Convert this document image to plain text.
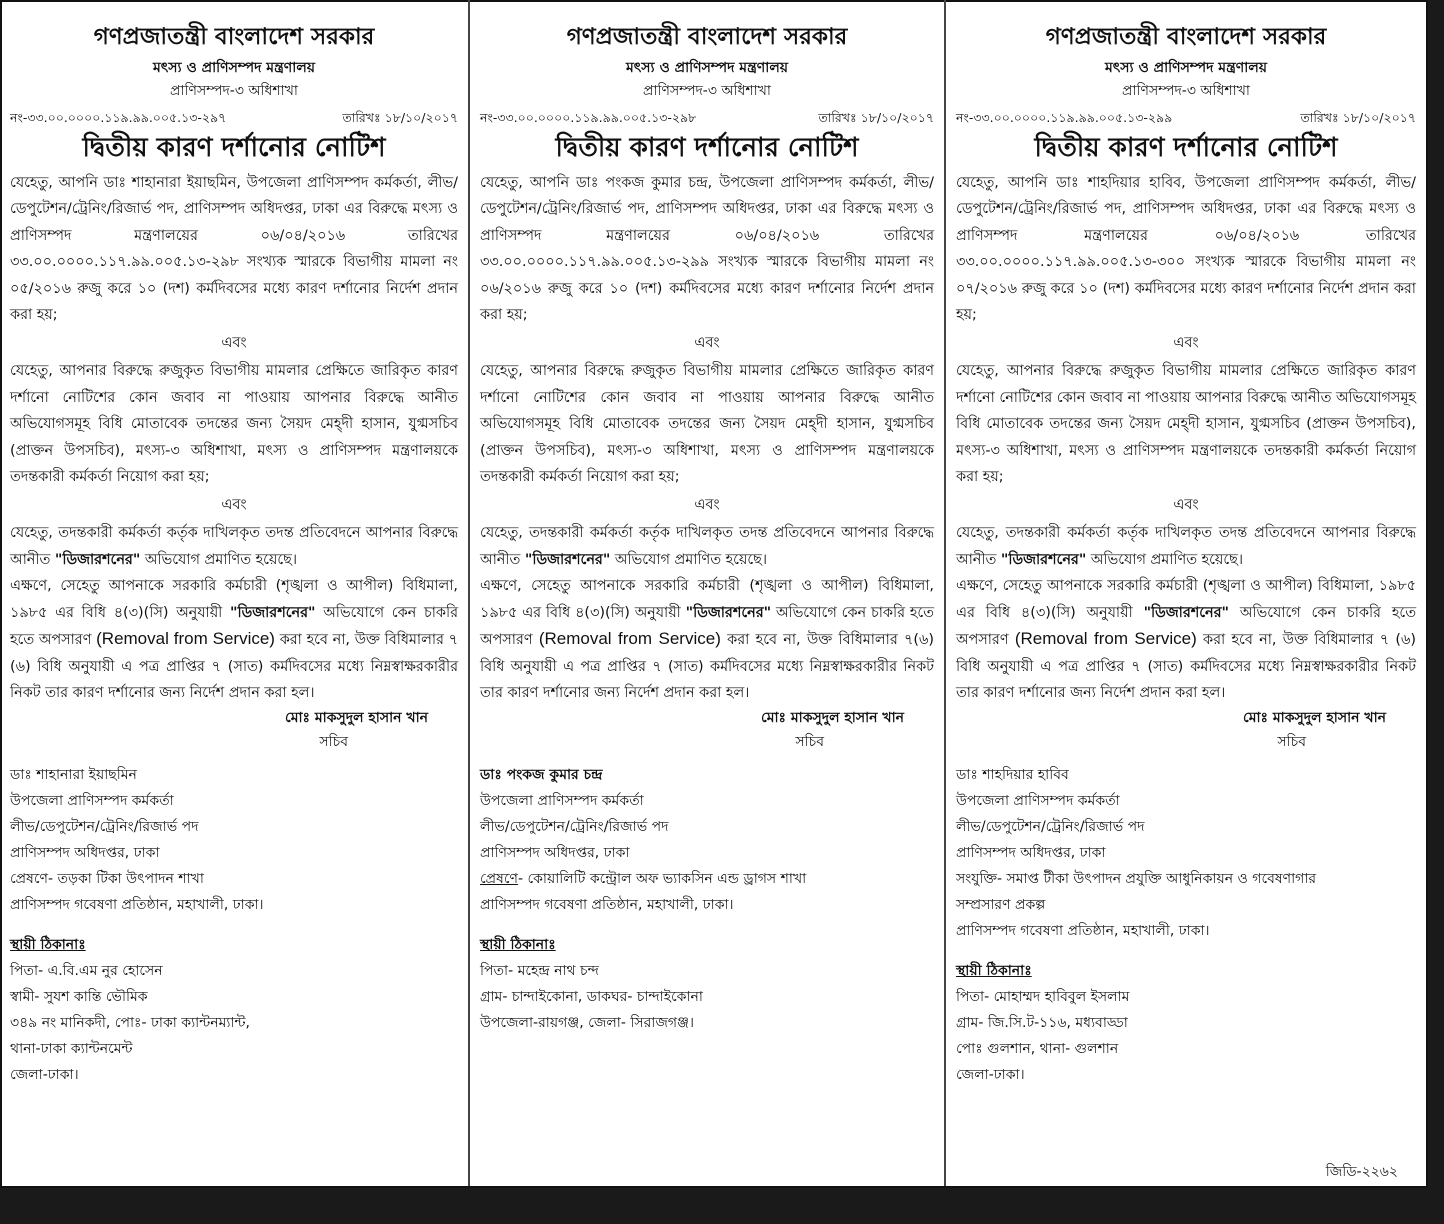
গণপ্রজাতন্ত্রী বাংলাদেশ সরকার
মৎস্য ও প্রাণিসম্পদ মন্ত্রণালয়
প্রাণিসম্পদ-৩ অধিশাখা
নং-৩৩.০০.০০০০.১১৯.৯৯.০০৫.১৩-২৯৭	তারিখঃ ১৮/১০/২০১৭
দ্বিতীয় কারণ দর্শানোর নোটিশ

যেহেতু, আপনি ডাঃ শাহানারা ইয়াছমিন, উপজেলা প্রাণিসম্পদ কর্মকর্তা, লীভ/ডেপুটেশন/ট্রেনিং/রিজার্ভ পদ, প্রাণিসম্পদ অধিদপ্তর, ঢাকা এর বিরুদ্ধে মৎস্য ও প্রাণিসম্পদ মন্ত্রণালয়ের ০৬/০৪/২০১৬ তারিখের ৩৩.০০.০০০০.১১৭.৯৯.০০৫.১৩-২৯৮ সংখ্যক স্মারকে বিভাগীয় মামলা নং ০৫/২০১৬ রুজু করে ১০ (দশ) কর্মদিবসের মধ্যে কারণ দর্শানোর নির্দেশ প্রদান করা হয়;

এবং

যেহেতু, আপনার বিরুদ্ধে রুজুকৃত বিভাগীয় মামলার প্রেক্ষিতে জারিকৃত কারণ দর্শানো নোটিশের কোন জবাব না পাওয়ায় আপনার বিরুদ্ধে আনীত অভিযোগসমূহ বিধি মোতাবেক তদন্তের জন্য সৈয়দ মেহ্দী হাসান, যুগ্মসচিব (প্রাক্তন উপসচিব), মৎস্য-৩ অধিশাখা, মৎস্য ও প্রাণিসম্পদ মন্ত্রণালয়কে তদন্তকারী কর্মকর্তা নিয়োগ করা হয়;

এবং

যেহেতু, তদন্তকারী কর্মকর্তা কর্তৃক দাখিলকৃত তদন্ত প্রতিবেদনে আপনার বিরুদ্ধে আনীত "ডিজারশনের" অভিযোগ প্রমাণিত হয়েছে।

এক্ষণে, সেহেতু আপনাকে সরকারি কর্মচারী (শৃঙ্খলা ও আপীল) বিধিমালা, ১৯৮৫ এর বিধি ৪(৩)(সি) অনুযায়ী "ডিজারশনের" অভিযোগে কেন চাকরি হতে অপসারণ (Removal from Service) করা হবে না, উক্ত বিধিমালার ৭ (৬) বিধি অনুযায়ী এ পত্র প্রাপ্তির ৭ (সাত) কর্মদিবসের মধ্যে নিম্নস্বাক্ষরকারীর নিকট তার কারণ দর্শানোর জন্য নির্দেশ প্রদান করা হল।

মোঃ মাকসুদুল হাসান খান
সচিব
ডাঃ শাহানারা ইয়াছমিন
উপজেলা প্রাণিসম্পদ কর্মকর্তা
লীভ/ডেপুটেশন/ট্রেনিং/রিজার্ভ পদ
প্রাণিসম্পদ অধিদপ্তর, ঢাকা
প্রেষণে- তড়কা টিকা উৎপাদন শাখা
প্রাণিসম্পদ গবেষণা প্রতিষ্ঠান, মহাখালী, ঢাকা।
স্থায়ী ঠিকানাঃ
পিতা- এ.বি.এম নুর হোসেন
স্বামী- সুযশ কান্তি ভৌমিক
৩৪৯ নং মানিকদী, পোঃ- ঢাকা ক্যান্টনম্যান্ট,
থানা-ঢাকা ক্যান্টনমেন্ট
জেলা-ঢাকা।
গণপ্রজাতন্ত্রী বাংলাদেশ সরকার
মৎস্য ও প্রাণিসম্পদ মন্ত্রণালয়
প্রাণিসম্পদ-৩ অধিশাখা
নং-৩৩.০০.০০০০.১১৯.৯৯.০০৫.১৩-২৯৮	তারিখঃ ১৮/১০/২০১৭
দ্বিতীয় কারণ দর্শানোর নোটিশ

যেহেতু, আপনি ডাঃ পংকজ কুমার চন্দ্র, উপজেলা প্রাণিসম্পদ কর্মকর্তা, লীভ/ডেপুটেশন/ট্রেনিং/রিজার্ভ পদ, প্রাণিসম্পদ অধিদপ্তর, ঢাকা এর বিরুদ্ধে মৎস্য ও প্রাণিসম্পদ মন্ত্রণালয়ের ০৬/০৪/২০১৬ তারিখের ৩৩.০০.০০০০.১১৭.৯৯.০০৫.১৩-২৯৯ সংখ্যক স্মারকে বিভাগীয় মামলা নং ০৬/২০১৬ রুজু করে ১০ (দশ) কর্মদিবসের মধ্যে কারণ দর্শানোর নির্দেশ প্রদান করা হয়;

এবং

যেহেতু, আপনার বিরুদ্ধে রুজুকৃত বিভাগীয় মামলার প্রেক্ষিতে জারিকৃত কারণ দর্শানো নোটিশের কোন জবাব না পাওয়ায় আপনার বিরুদ্ধে আনীত অভিযোগসমূহ বিধি মোতাবেক তদন্তের জন্য সৈয়দ মেহ্দী হাসান, যুগ্মসচিব (প্রাক্তন উপসচিব), মৎস্য-৩ অধিশাখা, মৎস্য ও প্রাণিসম্পদ মন্ত্রণালয়কে তদন্তকারী কর্মকর্তা নিয়োগ করা হয়;

এবং

যেহেতু, তদন্তকারী কর্মকর্তা কর্তৃক দাখিলকৃত তদন্ত প্রতিবেদনে আপনার বিরুদ্ধে আনীত "ডিজারশনের" অভিযোগ প্রমাণিত হয়েছে।

এক্ষণে, সেহেতু আপনাকে সরকারি কর্মচারী (শৃঙ্খলা ও আপীল) বিধিমালা, ১৯৮৫ এর বিধি ৪(৩)(সি) অনুযায়ী "ডিজারশনের" অভিযোগে কেন চাকরি হতে অপসারণ (Removal from Service) করা হবে না, উক্ত বিধিমালার ৭(৬) বিধি অনুযায়ী এ পত্র প্রাপ্তির ৭ (সাত) কর্মদিবসের মধ্যে নিম্নস্বাক্ষরকারীর নিকট তার কারণ দর্শানোর জন্য নির্দেশ প্রদান করা হল।

মোঃ মাকসুদুল হাসান খান
সচিব
ডাঃ পংকজ কুমার চন্দ্র
উপজেলা প্রাণিসম্পদ কর্মকর্তা
লীভ/ডেপুটেশন/ট্রেনিং/রিজার্ভ পদ
প্রাণিসম্পদ অধিদপ্তর, ঢাকা
প্রেষণে- কোয়ালিটি কন্ট্রোল অফ ভ্যাকসিন এন্ড ড্রাগস শাখা
প্রাণিসম্পদ গবেষণা প্রতিষ্ঠান, মহাখালী, ঢাকা।
স্থায়ী ঠিকানাঃ
পিতা- মহেন্দ্র নাথ চন্দ
গ্রাম- চান্দাইকোনা, ডাকঘর- চান্দাইকোনা
উপজেলা-রায়গঞ্জ, জেলা- সিরাজগঞ্জ।
গণপ্রজাতন্ত্রী বাংলাদেশ সরকার
মৎস্য ও প্রাণিসম্পদ মন্ত্রণালয়
প্রাণিসম্পদ-৩ অধিশাখা
নং-৩৩.০০.০০০০.১১৯.৯৯.০০৫.১৩-২৯৯	তারিখঃ ১৮/১০/২০১৭
দ্বিতীয় কারণ দর্শানোর নোটিশ

যেহেতু, আপনি ডাঃ শাহদিয়ার হাবিব, উপজেলা প্রাণিসম্পদ কর্মকর্তা, লীভ/ডেপুটেশন/ট্রেনিং/রিজার্ভ পদ, প্রাণিসম্পদ অধিদপ্তর, ঢাকা এর বিরুদ্ধে মৎস্য ও প্রাণিসম্পদ মন্ত্রণালয়ের ০৬/০৪/২০১৬ তারিখের ৩৩.০০.০০০০.১১৭.৯৯.০০৫.১৩-৩০০ সংখ্যক স্মারকে বিভাগীয় মামলা নং ০৭/২০১৬ রুজু করে ১০ (দশ) কর্মদিবসের মধ্যে কারণ দর্শানোর নির্দেশ প্রদান করা হয়;

এবং

যেহেতু, আপনার বিরুদ্ধে রুজুকৃত বিভাগীয় মামলার প্রেক্ষিতে জারিকৃত কারণ দর্শানো নোটিশের কোন জবাব না পাওয়ায় আপনার বিরুদ্ধে আনীত অভিযোগসমূহ বিধি মোতাবেক তদন্তের জন্য সৈয়দ মেহ্দী হাসান, যুগ্মসচিব (প্রাক্তন উপসচিব), মৎস্য-৩ অধিশাখা, মৎস্য ও প্রাণিসম্পদ মন্ত্রণালয়কে তদন্তকারী কর্মকর্তা নিয়োগ করা হয়;

এবং

যেহেতু, তদন্তকারী কর্মকর্তা কর্তৃক দাখিলকৃত তদন্ত প্রতিবেদনে আপনার বিরুদ্ধে আনীত "ডিজারশনের" অভিযোগ প্রমাণিত হয়েছে।

এক্ষণে, সেহেতু আপনাকে সরকারি কর্মচারী (শৃঙ্খলা ও আপীল) বিধিমালা, ১৯৮৫ এর বিধি ৪(৩)(সি) অনুযায়ী "ডিজারশনের" অভিযোগে কেন চাকরি হতে অপসারণ (Removal from Service) করা হবে না, উক্ত বিধিমালার ৭ (৬) বিধি অনুযায়ী এ পত্র প্রাপ্তির ৭ (সাত) কর্মদিবসের মধ্যে নিম্নস্বাক্ষরকারীর নিকট তার কারণ দর্শানোর জন্য নির্দেশ প্রদান করা হল।

মোঃ মাকসুদুল হাসান খান
সচিব
ডাঃ শাহদিয়ার হাবিব
উপজেলা প্রাণিসম্পদ কর্মকর্তা
লীভ/ডেপুটেশন/ট্রেনিং/রিজার্ভ পদ
প্রাণিসম্পদ অধিদপ্তর, ঢাকা
সংযুক্তি- সমাপ্ত টীকা উৎপাদন প্রযুক্তি আধুনিকায়ন ও গবেষণাগার
সম্প্রসারণ প্রকল্প
প্রাণিসম্পদ গবেষণা প্রতিষ্ঠান, মহাখালী, ঢাকা।
স্থায়ী ঠিকানাঃ
পিতা- মোহাম্মদ হাবিবুল ইসলাম
গ্রাম- জি.সি.ট-১১৬, মধ্যবাড্ডা
পোঃ গুলশান, থানা- গুলশান
জেলা-ঢাকা।
জিডি-২২৬২
